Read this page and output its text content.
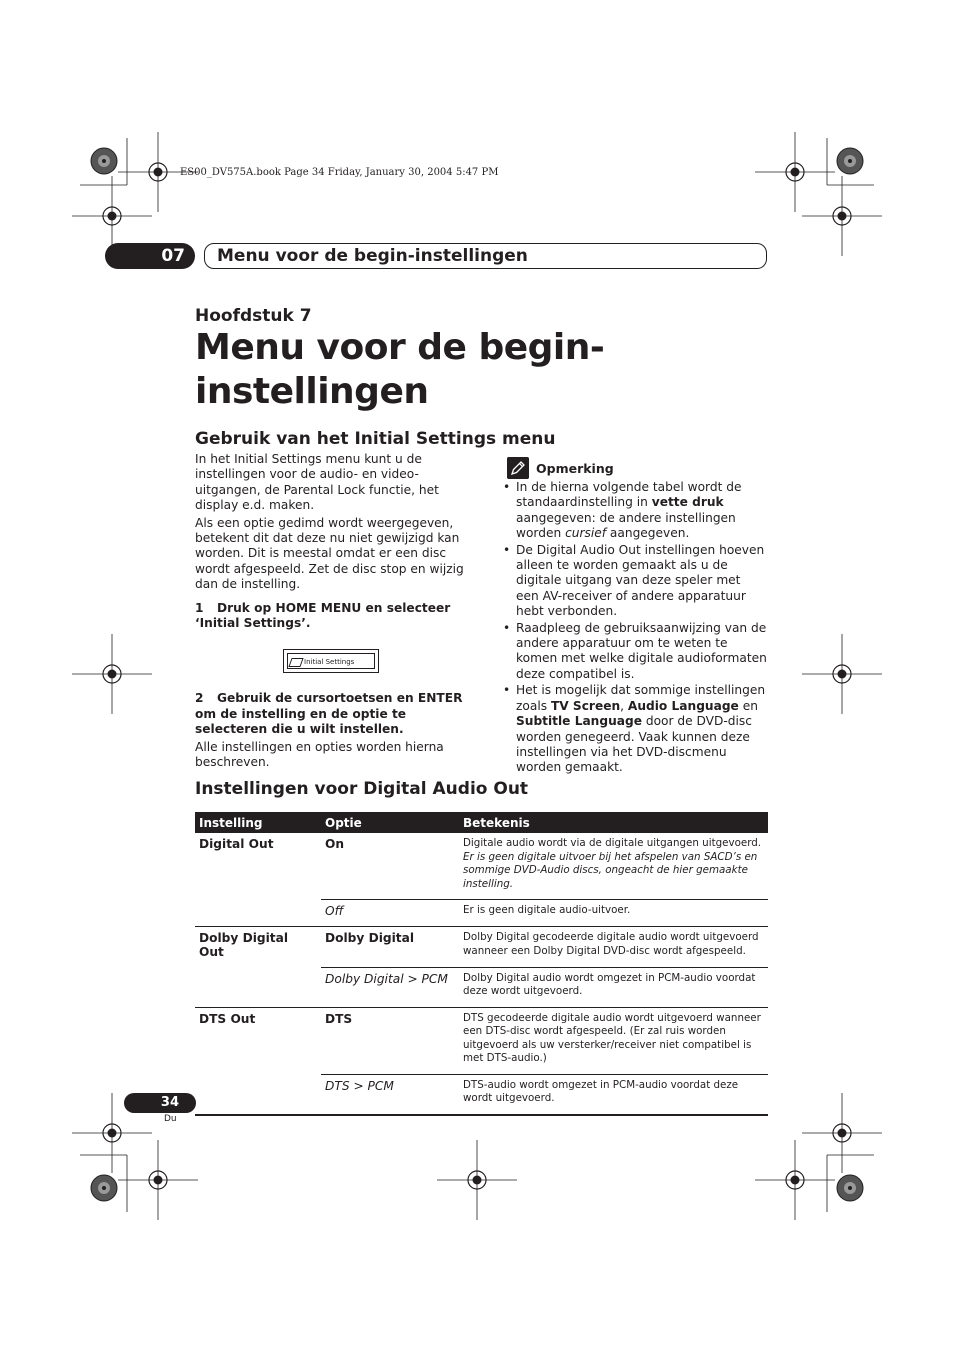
ES00_DV575A.book Page 34 Friday, January 30, 2004 5:47 PM
07	Menu voor de begin-instellingen
Hoofdstuk 7
Menu voor de begin-
instellingen
Gebruik van het Initial Settings menu

In het Initial Settings menu kunt u de instellingen voor de audio- en video-uitgangen, de Parental Lock functie, het display e.d. maken.

Als een optie gedimd wordt weergegeven, betekent dit dat deze nu niet gewijzigd kan worden. Dit is meestal omdat er een disc wordt afgespeeld. Zet de disc stop en wijzig dan de instelling.

1 Druk op HOME MENU en selecteer ‘Initial Settings’.

Initial Settings

2 Gebruik de cursortoetsen en ENTER om de instelling en de optie te selecteren die u wilt instellen.

Alle instellingen en opties worden hierna beschreven.

Opmerking
• In de hierna volgende tabel wordt de standaardinstelling in vette druk aangegeven: de andere instellingen worden cursief aangegeven.
• De Digital Audio Out instellingen hoeven alleen te worden gemaakt als u de digitale uitgang van deze speler met een AV-receiver of andere apparatuur hebt verbonden.
• Raadpleeg de gebruiksaanwijzing van de andere apparatuur om te weten te komen met welke digitale audioformaten deze compatibel is.
• Het is mogelijk dat sommige instellingen zoals TV Screen, Audio Language en Subtitle Language door de DVD-disc worden genegeerd. Vaak kunnen deze instellingen via het DVD-discmenu worden gemaakt.
Instellingen voor Digital Audio Out
Instelling	Optie	Betekenis
Digital Out	On	Digitale audio wordt via de digitale uitgangen uitgevoerd.
Er is geen digitale uitvoer bij het afspelen van SACD’s en sommige DVD-Audio discs, ongeacht de hier gemaakte instelling.
	Off	Er is geen digitale audio-uitvoer.
Dolby Digital Out	Dolby Digital	Dolby Digital gecodeerde digitale audio wordt uitgevoerd wanneer een Dolby Digital DVD-disc wordt afgespeeld.
	Dolby Digital > PCM	Dolby Digital audio wordt omgezet in PCM-audio voordat deze wordt uitgevoerd.
DTS Out	DTS	DTS gecodeerde digitale audio wordt uitgevoerd wanneer een DTS-disc wordt afgespeeld. (Er zal ruis worden uitgevoerd als uw versterker/receiver niet compatibel is met DTS-audio.)
	DTS > PCM	DTS-audio wordt omgezet in PCM-audio voordat deze wordt uitgevoerd.
34
Du
